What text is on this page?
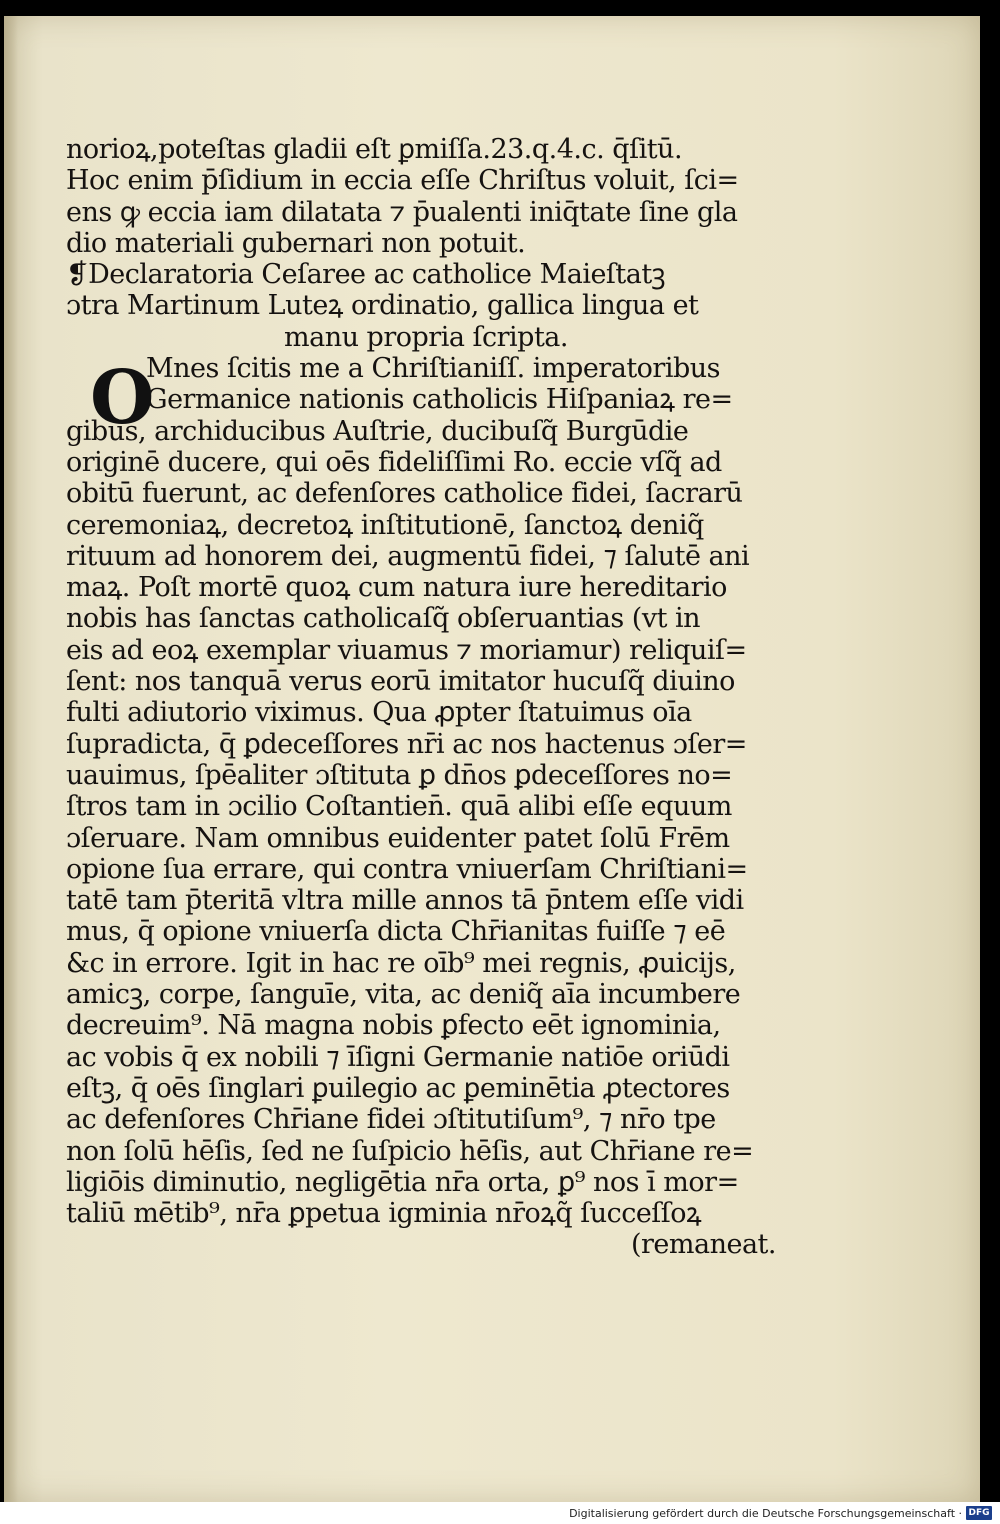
norioꝝ,poteſtas gladii eſt ꝑmiſſa.23.q.4.c. q̄ſitū.
Hoc enim p̄ſidium in eccia eſſe Chriſtus voluit, ſci=
ens ꝙ eccia iam dilatata ⁊ p̄ualenti iniq̄tate ſine gla
dio materiali gubernari non potuit.
❡Declaratoria Ceſaree ac catholice Maieſtatꝫ
ɔtra Martinum Luteꝝ ordinatio, gallica lingua et
manu propria ſcripta.
O
Mnes ſcitis me a Chriſtianiſſ. imperatoribus
Germanice nationis catholicis Hiſpaniaꝝ re=
gibus, archiducibus Auſtrie, ducibuſq̃ Burgūdie
originē ducere, qui oēs fideliſſimi Ro. eccie vſq̃ ad
obitū fuerunt, ac defenſores catholice fidei, ſacrarū
ceremoniaꝝ, decretoꝝ inſtitutionē, ſanctoꝝ deniq̃
rituum ad honorem dei, augmentū fidei, ⁊ ſalutē ani
maꝝ. Poſt mortē quoꝝ cum natura iure hereditario
nobis has ſanctas catholicaſq̃ obſeruantias (vt in
eis ad eoꝝ exemplar viuamus ⁊ moriamur) reliquiſ=
ſent: nos tanquā verus eorū imitator hucuſq̃ diuino
fulti adiutorio viximus. Qua ꝓpter ſtatuimus oīa
ſupradicta, q̄ ꝑdeceſſores nr̄i ac nos hactenus ɔſer=
uauimus, ſpēaliter ɔſtituta ꝑ dn̄os ꝑdeceſſores no=
ſtros tam in ɔcilio Coſtantien̄. quā alibi eſſe equum
ɔſeruare. Nam omnibus euidenter patet ſolū Frēm
opione ſua errare, qui contra vniuerſam Chriſtiani=
tatē tam p̄teritā vltra mille annos tā p̄ntem eſſe vidi
mus, q̄ opione vniuerſa dicta Chr̄ianitas fuiſſe ⁊ eē
&c in errore. Igit̄ in hac re oīb⁹ mei regnis, ꝓuicijs,
amicꝫ, corpe, ſanguīe, vita, ac deniq̃ aīa incumbere
decreuim⁹. Nā magna nobis ꝑfecto eēt ignominia,
ac vobis q̄ ex nobili ⁊ īſigni Germanie natiōe oriūdi
eſtꝫ, q̄ oēs ſinglari ꝑuilegio ac ꝑeminētia ꝓtectores
ac defenſores Chr̄iane fidei ɔſtitutiſum⁹, ⁊ nr̄o tpe
non ſolū hēſis, ſed ne ſuſpicio hēſis, aut Chr̄iane re=
ligiōis diminutio, negligētia nr̄a orta, ꝑ⁹ nos ī mor=
taliū mētib⁹, nr̄a ꝑpetua igminia nr̄oꝝq̃ ſucceſſoꝝ
(remaneat.
Digitalisierung gefördert durch die Deutsche Forschungsgemeinschaft · DFG
